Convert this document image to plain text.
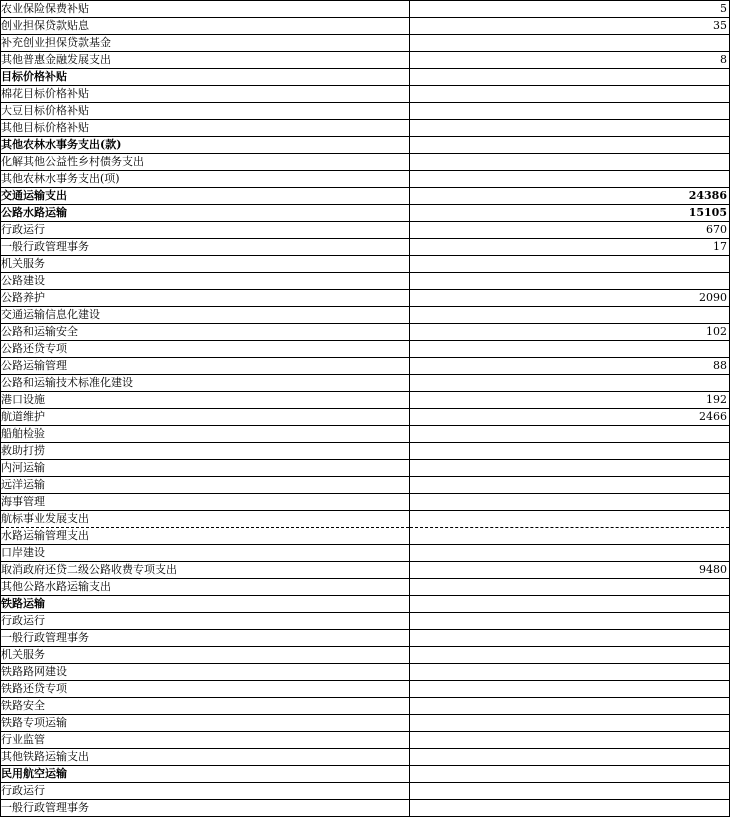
农业保险保费补贴	5
创业担保贷款贴息	35
补充创业担保贷款基金	
其他普惠金融发展支出	8
目标价格补贴	
棉花目标价格补贴	
大豆目标价格补贴	
其他目标价格补贴	
其他农林水事务支出(款)	
化解其他公益性乡村债务支出	
其他农林水事务支出(项)	
交通运输支出	24386
公路水路运输	15105
行政运行	670
一般行政管理事务	17
机关服务	
公路建设	
公路养护	2090
交通运输信息化建设	
公路和运输安全	102
公路还贷专项	
公路运输管理	88
公路和运输技术标准化建设	
港口设施	192
航道维护	2466
船舶检验	
救助打捞	
内河运输	
远洋运输	
海事管理	
航标事业发展支出	
水路运输管理支出	
口岸建设	
取消政府还贷二级公路收费专项支出	9480
其他公路水路运输支出	
铁路运输	
行政运行	
一般行政管理事务	
机关服务	
铁路路网建设	
铁路还贷专项	
铁路安全	
铁路专项运输	
行业监管	
其他铁路运输支出	
民用航空运输	
行政运行	
一般行政管理事务	
